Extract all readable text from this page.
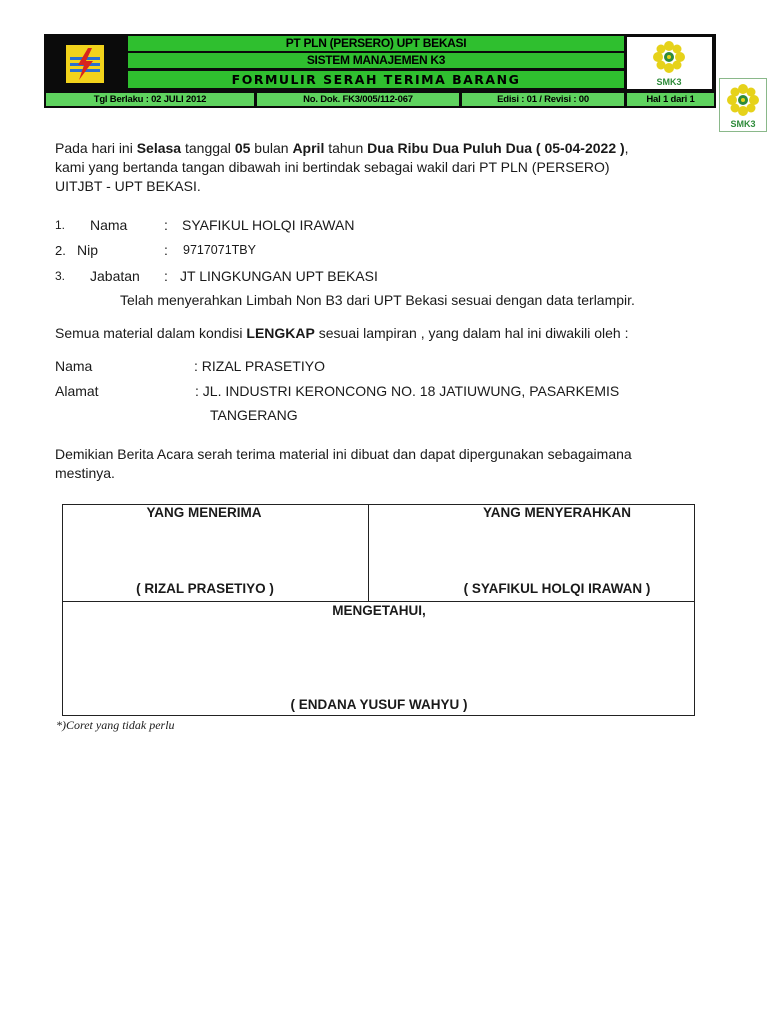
PT PLN (PERSERO) UPT BEKASI
SISTEM MANAJEMEN K3
FORMULIR SERAH TERIMA BARANG	SMK3
Tgl Berlaku : 02 JULI 2012	No. Dok. FK3/005/112-067	Edisi : 01 / Revisi : 00	Hal 1 dari 1
SMK3
Pada hari ini Selasa tanggal 05 bulan April tahun Dua Ribu Dua Puluh Dua ( 05-04-2022 ),
kami yang bertanda tangan dibawah ini bertindak sebagai wakil dari PT PLN (PERSERO)
UITJBT - UPT BEKASI.
1. Nama	: SYAFIKUL HOLQI IRAWAN
2. Nip	: 9717071TBY
3. Jabatan : JT LINGKUNGAN UPT BEKASI
Telah menyerahkan Limbah Non B3 dari UPT Bekasi sesuai dengan data terlampir.
Semua material dalam kondisi LENGKAP sesuai lampiran , yang dalam hal ini diwakili oleh :
Nama	: RIZAL PRASETIYO
Alamat	: JL. INDUSTRI KERONCONG NO. 18 JATIUWUNG, PASARKEMIS
TANGERANG
Demikian Berita Acara serah terima material ini dibuat dan dapat dipergunakan sebagaimana
mestinya.
YANG MENERIMA	YANG MENYERAHKAN
( RIZAL PRASETIYO )	( SYAFIKUL HOLQI IRAWAN )
MENGETAHUI,
( ENDANA YUSUF WAHYU )
*)Coret yang tidak perlu
